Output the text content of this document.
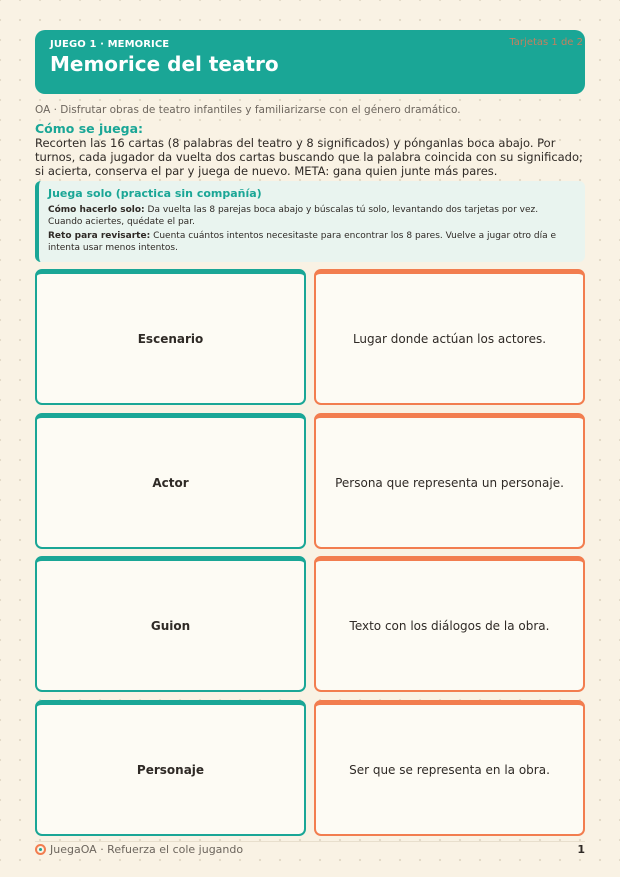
JUEGO 1 · MEMORICE
Memorice del teatro
Tarjetas 1 de 2
OA · Disfrutar obras de teatro infantiles y familiarizarse con el género dramático.
Cómo se juega:
Recorten las 16 cartas (8 palabras del teatro y 8 significados) y pónganlas boca abajo. Por turnos, cada jugador da vuelta dos cartas buscando que la palabra coincida con su significado; si acierta, conserva el par y juega de nuevo. META: gana quien junte más pares.
Juega solo (practica sin compañía)

Cómo hacerlo solo: Da vuelta las 8 parejas boca abajo y búscalas tú solo, levantando dos tarjetas por vez. Cuando aciertes, quédate el par.

Reto para revisarte: Cuenta cuántos intentos necesitaste para encontrar los 8 pares. Vuelve a jugar otro día e intenta usar menos intentos.

Escenario	Lugar donde actúan los actores.
Actor	Persona que representa un personaje.
Guion	Texto con los diálogos de la obra.
Personaje	Ser que se representa en la obra.
JuegaOA · Refuerza el cole jugando	1
